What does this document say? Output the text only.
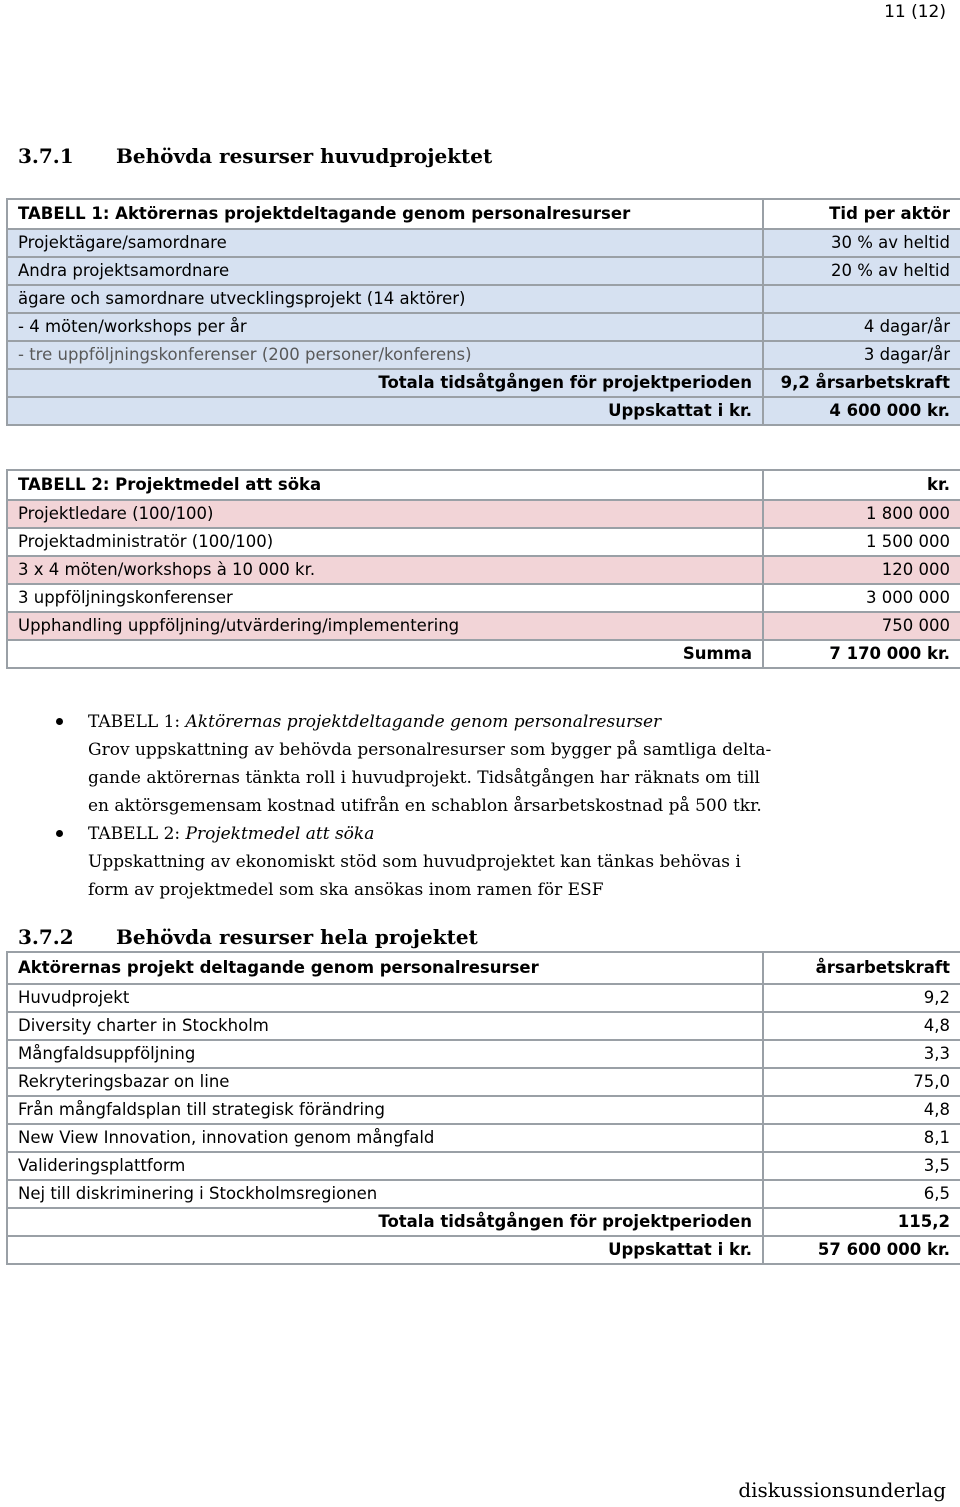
11 (12)
3.7.1 Behövda resurser huvudprojektet
TABELL 1: Aktörernas projektdeltagande genom personalresurser	Tid per aktör
Projektägare/samordnare	30 % av heltid
Andra projektsamordnare	20 % av heltid
ägare och samordnare utvecklingsprojekt (14 aktörer)	
- 4 möten/workshops per år	4 dagar/år
- tre uppföljningskonferenser (200 personer/konferens)	3 dagar/år
Totala tidsåtgången för projektperioden	9,2 årsarbetskraft
Uppskattat i kr.	4 600 000 kr.
TABELL 2: Projektmedel att söka	kr.
Projektledare (100/100)	1 800 000
Projektadministratör (100/100)	1 500 000
3 x 4 möten/workshops à 10 000 kr.	120 000
3 uppföljningskonferenser	3 000 000
Upphandling uppföljning/utvärdering/implementering	750 000
Summa	7 170 000 kr.
TABELL 1: Aktörernas projektdeltagande genom personalresurser
Grov uppskattning av behövda personalresurser som bygger på samtliga delta-
gande aktörernas tänkta roll i huvudprojekt. Tidsåtgången har räknats om till
en aktörsgemensam kostnad utifrån en schablon årsarbetskostnad på 500 tkr.
TABELL 2: Projektmedel att söka
Uppskattning av ekonomiskt stöd som huvudprojektet kan tänkas behövas i
form av projektmedel som ska ansökas inom ramen för ESF
3.7.2 Behövda resurser hela projektet
Aktörernas projekt deltagande genom personalresurser	årsarbetskraft
Huvudprojekt	9,2
Diversity charter in Stockholm	4,8
Mångfaldsuppföljning	3,3
Rekryteringsbazar on line	75,0
Från mångfaldsplan till strategisk förändring	4,8
New View Innovation, innovation genom mångfald	8,1
Valideringsplattform	3,5
Nej till diskriminering i Stockholmsregionen	6,5
Totala tidsåtgången för projektperioden	115,2
Uppskattat i kr.	57 600 000 kr.
diskussionsunderlag
